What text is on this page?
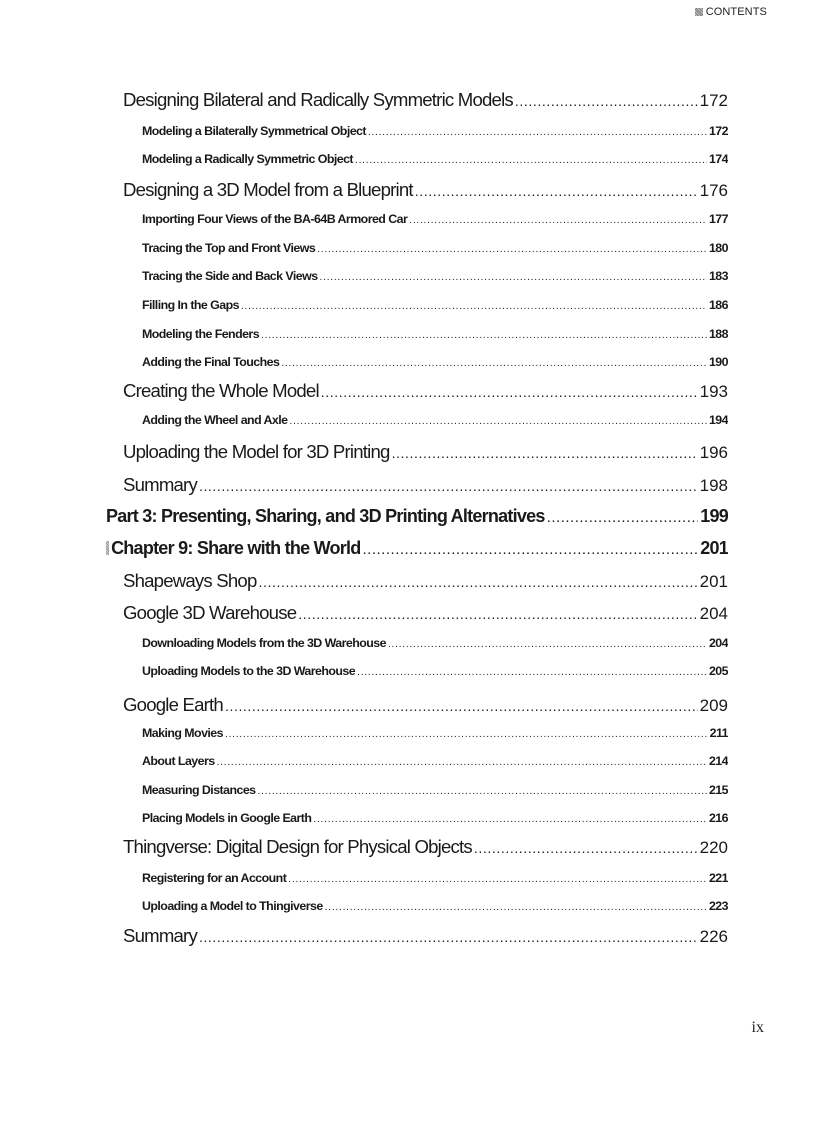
CONTENTS
Designing Bilateral and Radically Symmetric Models .....	172
Modeling a Bilaterally Symmetrical Object .....	172
Modeling a Radically Symmetric Object .....	174
Designing a 3D Model from a Blueprint .....	176
Importing Four Views of the BA-64B Armored Car .....	177
Tracing the Top and Front Views .....	180
Tracing the Side and Back Views .....	183
Filling In the Gaps .....	186
Modeling the Fenders .....	188
Adding the Final Touches .....	190
Creating the Whole Model .....	193
Adding the Wheel and Axle .....	194
Uploading the Model for 3D Printing .....	196
Summary .....	198
Part 3: Presenting, Sharing, and 3D Printing Alternatives .....	199
Chapter 9: Share with the World .....	201
Shapeways Shop .....	201
Google 3D Warehouse .....	204
Downloading Models from the 3D Warehouse .....	204
Uploading Models to the 3D Warehouse .....	205
Google Earth .....	209
Making Movies .....	211
About Layers .....	214
Measuring Distances .....	215
Placing Models in Google Earth .....	216
Thingverse: Digital Design for Physical Objects .....	220
Registering for an Account .....	221
Uploading a Model to Thingiverse .....	223
Summary .....	226
ix
